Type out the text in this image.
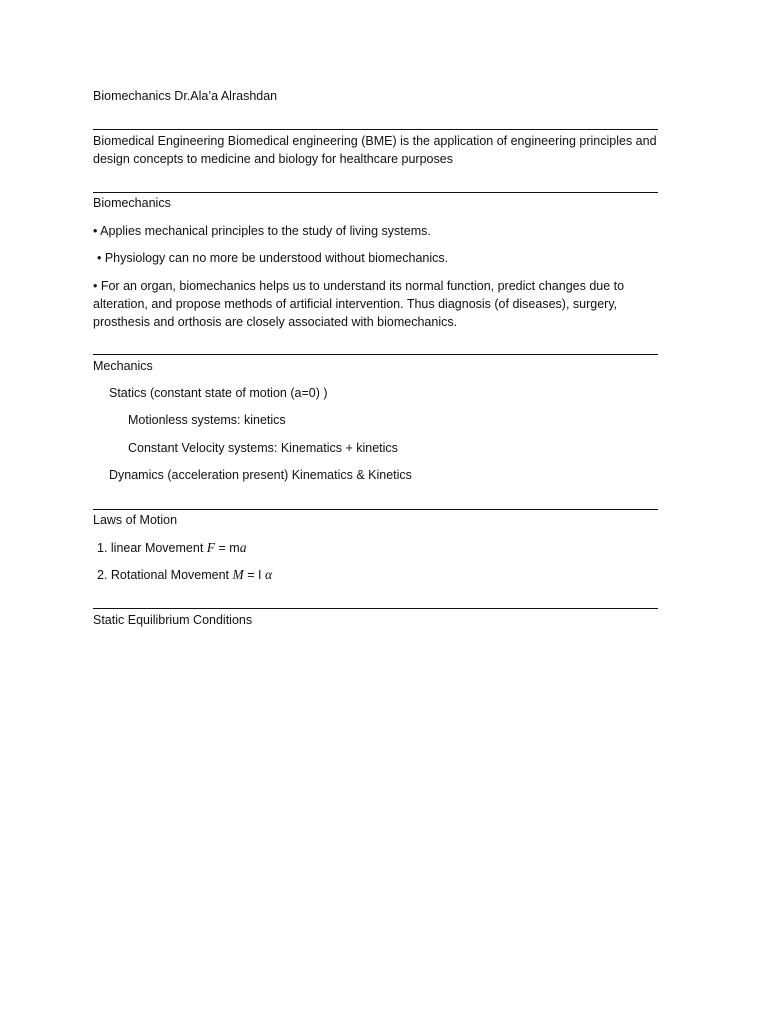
Biomechanics Dr.Ala’a Alrashdan
Biomedical Engineering Biomedical engineering (BME) is the application of engineering principles and design concepts to medicine and biology for healthcare purposes
Biomechanics
• Applies mechanical principles to the study of living systems.
• Physiology can no more be understood without biomechanics.
• For an organ, biomechanics helps us to understand its normal function, predict changes due to alteration, and propose methods of artificial intervention. Thus diagnosis (of diseases), surgery, prosthesis and orthosis are closely associated with biomechanics.
Mechanics
Statics (constant state of motion (a=0) )
Motionless systems: kinetics
Constant Velocity systems: Kinematics + kinetics
Dynamics (acceleration present) Kinematics & Kinetics
Laws of Motion
1. linear Movement F = ma
2. Rotational Movement M = I α
Static Equilibrium Conditions
